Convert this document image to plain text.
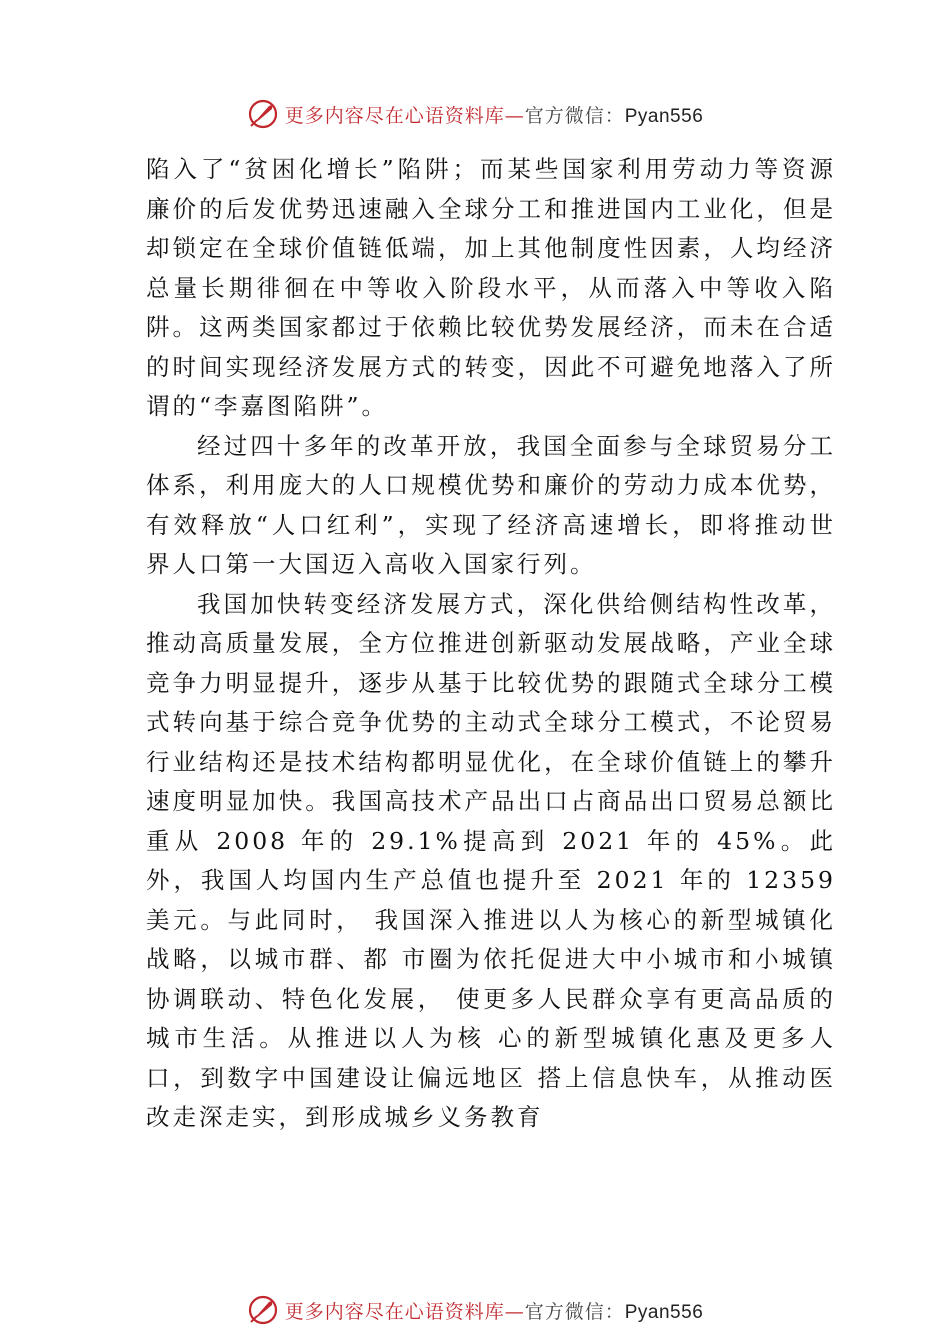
更多内容尽在心语资料库—官方微信：Pyan556

陷入了“贫困化增长”陷阱；而某些国家利用劳动力等资源廉价的后发优势迅速融入全球分工和推进国内工业化，但是却锁定在全球价值链低端，加上其他制度性因素，人均经济总量长期徘徊在中等收入阶段水平，从而落入中等收入陷阱。这两类国家都过于依赖比较优势发展经济，而未在合适的时间实现经济发展方式的转变，因此不可避免地落入了所谓的“李嘉图陷阱”。

经过四十多年的改革开放，我国全面参与全球贸易分工体系，利用庞大的人口规模优势和廉价的劳动力成本优势， 有效释放“人口红利”，实现了经济高速增长，即将推动世界人口第一大国迈入高收入国家行列。

我国加快转变经济发展方式，深化供给侧结构性改革，推动高质量发展，全方位推进创新驱动发展战略，产业全球竞争力明显提升，逐步从基于比较优势的跟随式全球分工模式转向基于综合竞争优势的主动式全球分工模式，不论贸易行业结构还是技术结构都明显优化，在全球价值链上的攀升速度明显加快。我国高技术产品出口占商品出口贸易总额比 重从 2008 年的 29.1%提高到 2021 年的 45%。此外，我国人均国内生产总值也提升至 2021 年的 12359 美元。与此同时， 我国深入推进以人为核心的新型城镇化战略，以城市群、都 市圈为依托促进大中小城市和小城镇协调联动、特色化发展， 使更多人民群众享有更高品质的城市生活。从推进以人为核 心的新型城镇化惠及更多人口，到数字中国建设让偏远地区 搭上信息快车，从推动医改走深走实，到形成城乡义务教育

更多内容尽在心语资料库—官方微信：Pyan556
